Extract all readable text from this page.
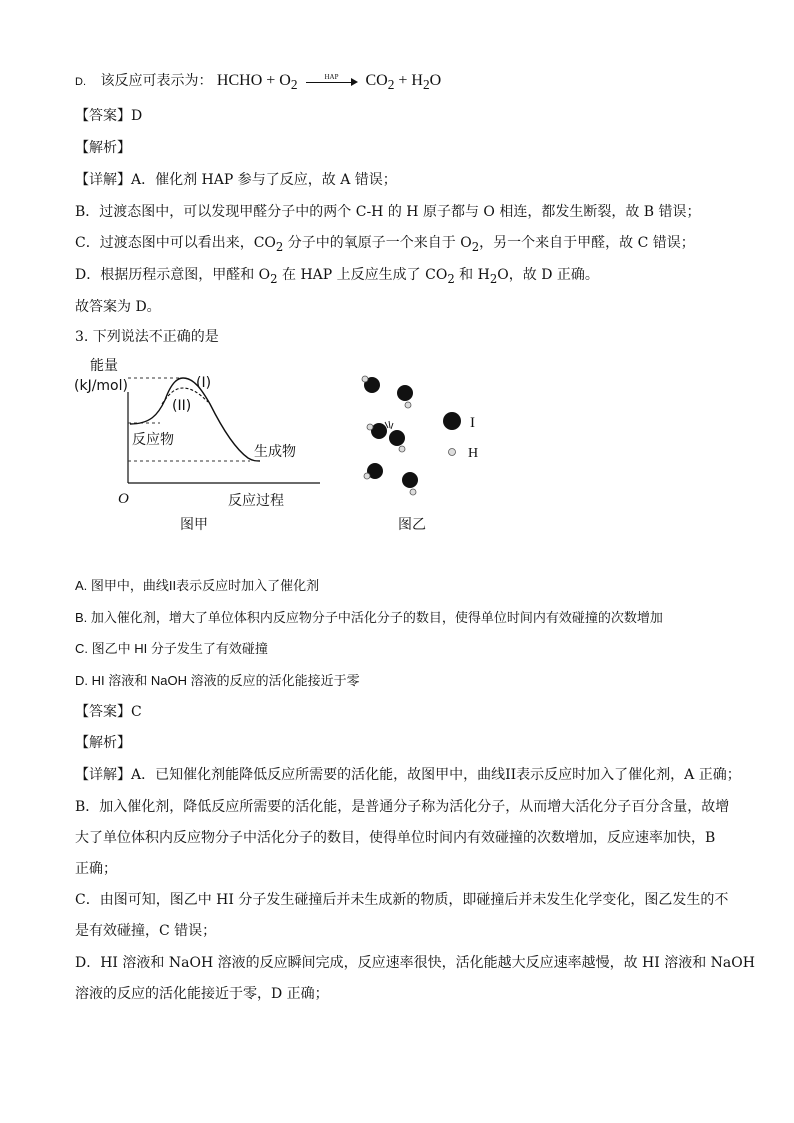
D. 该反应可表示为： HCHO + $O_2$	HAP	$CO_2 + H_2O$
【答案】D
【解析】
【详解】A．催化剂 HAP 参与了反应，故 A 错误；
B．过渡态图中，可以发现甲醛分子中的两个 C-H 的 H 原子都与 O 相连，都发生断裂，故 B 错误；
C．过渡态图中可以看出来，$CO_2$ 分子中的氧原子一个来自于 $O_2$，另一个来自于甲醛，故 C 错误；
D．根据历程示意图，甲醛和 $O_2$ 在 HAP 上反应生成了 $CO_2$ 和 $H_2O$，故 D 正确。
故答案为 D。
3. 下列说法不正确的是
能量
(kJ/mol)	(I)
(II)
反应物
生成物
O	反应过程
图甲
I
H
图乙
A. 图甲中，曲线II表示反应时加入了催化剂
B. 加入催化剂，增大了单位体积内反应物分子中活化分子的数目，使得单位时间内有效碰撞的次数增加
C. 图乙中 HI 分子发生了有效碰撞
D. HI 溶液和 NaOH 溶液的反应的活化能接近于零
【答案】C
【解析】
【详解】A．已知催化剂能降低反应所需要的活化能，故图甲中，曲线II表示反应时加入了催化剂，A 正确；
B．加入催化剂，降低反应所需要的活化能，是普通分子称为活化分子，从而增大活化分子百分含量，故增
大了单位体积内反应物分子中活化分子的数目，使得单位时间内有效碰撞的次数增加，反应速率加快，B
正确；
C．由图可知，图乙中 HI 分子发生碰撞后并未生成新的物质，即碰撞后并未发生化学变化，图乙发生的不
是有效碰撞，C 错误；
D．HI 溶液和 NaOH 溶液的反应瞬间完成，反应速率很快，活化能越大反应速率越慢，故 HI 溶液和 NaOH
溶液的反应的活化能接近于零，D 正确；
